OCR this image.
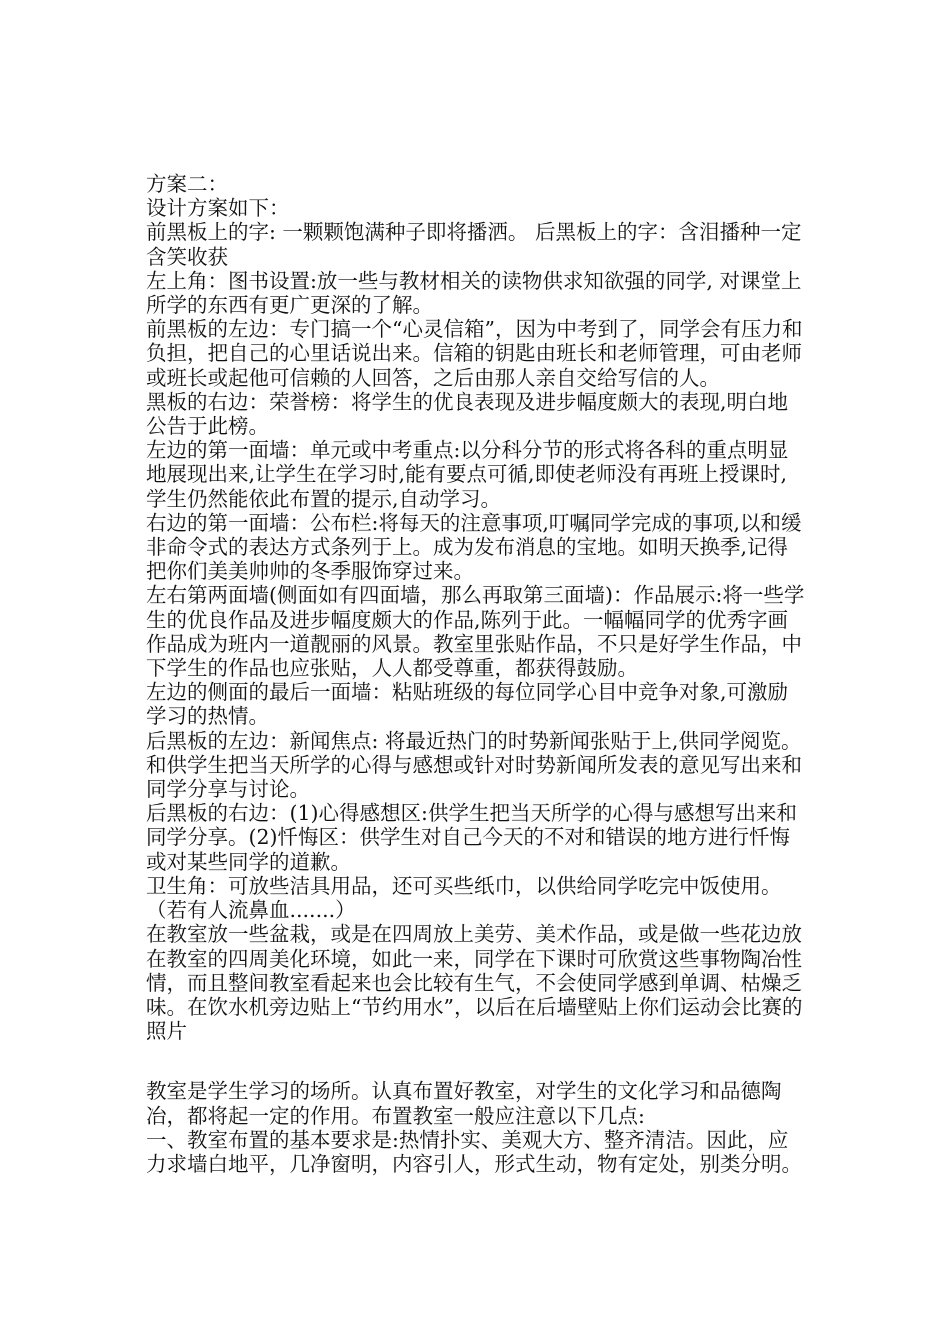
方案二：

设计方案如下：

前黑板上的字: 一颗颗饱满种子即将播洒。 后黑板上的字：含泪播种一定含笑收获

左上角：图书设置:放一些与教材相关的读物供求知欲强的同学, 对课堂上所学的东西有更广更深的了解。

前黑板的左边：专门搞一个“心灵信箱”，因为中考到了，同学会有压力和负担，把自己的心里话说出来。信箱的钥匙由班长和老师管理，可由老师或班长或起他可信赖的人回答，之后由那人亲自交给写信的人。

黑板的右边：荣誉榜：将学生的优良表现及进步幅度颇大的表现,明白地公告于此榜。

左边的第一面墙：单元或中考重点:以分科分节的形式将各科的重点明显地展现出来,让学生在学习时,能有要点可循,即使老师没有再班上授课时,学生仍然能依此布置的提示,自动学习。

右边的第一面墙：公布栏:将每天的注意事项,叮嘱同学完成的事项,以和缓非命令式的表达方式条列于上。成为发布消息的宝地。如明天换季,记得把你们美美帅帅的冬季服饰穿过来。

左右第两面墙(侧面如有四面墙，那么再取第三面墙)：作品展示:将一些学生的优良作品及进步幅度颇大的作品,陈列于此。一幅幅同学的优秀字画作品成为班内一道靓丽的风景。教室里张贴作品，不只是好学生作品，中下学生的作品也应张贴，人人都受尊重，都获得鼓励。

左边的侧面的最后一面墙：粘贴班级的每位同学心目中竞争对象,可激励学习的热情。

后黑板的左边：新闻焦点: 将最近热门的时势新闻张贴于上,供同学阅览。和供学生把当天所学的心得与感想或针对时势新闻所发表的意见写出来和同学分享与讨论。

后黑板的右边：(1)心得感想区:供学生把当天所学的心得与感想写出来和同学分享。(2)忏悔区：供学生对自己今天的不对和错误的地方进行忏悔或对某些同学的道歉。

卫生角：可放些洁具用品，还可买些纸巾，以供给同学吃完中饭使用。（若有人流鼻血.......）

在教室放一些盆栽，或是在四周放上美劳、美术作品，或是做一些花边放在教室的四周美化环境，如此一来，同学在下课时可欣赏这些事物陶冶性情，而且整间教室看起来也会比较有生气，不会使同学感到单调、枯燥乏味。在饮水机旁边贴上“节约用水”，以后在后墙壁贴上你们运动会比赛的照片

教室是学生学习的场所。认真布置好教室，对学生的文化学习和品德陶冶，都将起一定的作用。布置教室一般应注意以下几点:

一、教室布置的基本要求是:热情扑实、美观大方、整齐清洁。因此，应力求墙白地平，几净窗明，内容引人，形式生动，物有定处，别类分明。
